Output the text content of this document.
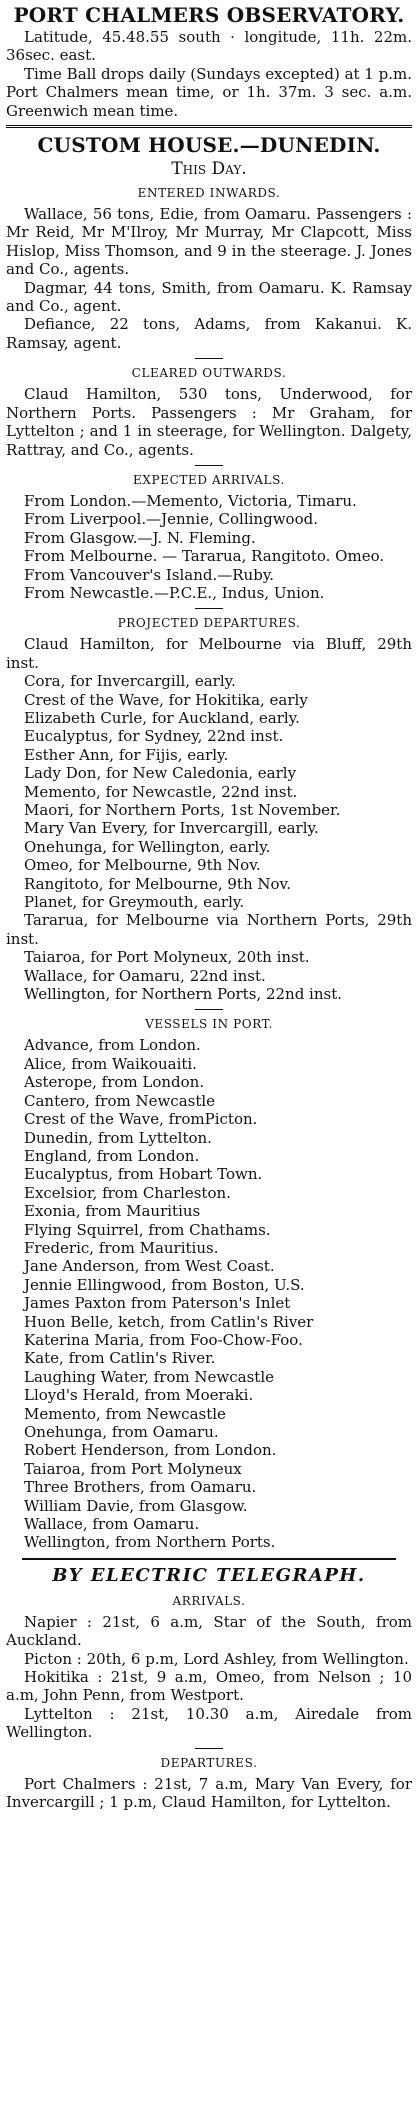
PORT CHALMERS OBSERVATORY.

Latitude, 45.48.55 south · longitude, 11h. 22m. 36sec. east.

Time Ball drops daily (Sundays excepted) at 1 p.m. Port Chalmers mean time, or 1h. 37m. 3 sec. a.m. Greenwich mean time.

CUSTOM HOUSE.—DUNEDIN.
This Day.
ENTERED INWARDS.

Wallace, 56 tons, Edie, from Oamaru. Passengers : Mr Reid, Mr M'Ilroy, Mr Murray, Mr Clapcott, Miss Hislop, Miss Thomson, and 9 in the steerage. J. Jones and Co., agents.

Dagmar, 44 tons, Smith, from Oamaru. K. Ramsay and Co., agent.

Defiance, 22 tons, Adams, from Kakanui. K. Ramsay, agent.

CLEARED OUTWARDS.

Claud Hamilton, 530 tons, Underwood, for Northern Ports. Passengers : Mr Graham, for Lyttelton ; and 1 in steerage, for Wellington. Dalgety, Rattray, and Co., agents.

EXPECTED ARRIVALS.

From London.—Memento, Victoria, Timaru.

From Liverpool.—Jennie, Collingwood.

From Glasgow.—J. N. Fleming.

From Melbourne. — Tararua, Rangitoto. Omeo.

From Vancouver's Island.—Ruby.

From Newcastle.—P.C.E., Indus, Union.

PROJECTED DEPARTURES.

Claud Hamilton, for Melbourne via Bluff, 29th inst.

Cora, for Invercargill, early.

Crest of the Wave, for Hokitika, early

Elizabeth Curle, for Auckland, early.

Eucalyptus, for Sydney, 22nd inst.

Esther Ann, for Fijis, early.

Lady Don, for New Caledonia, early

Memento, for Newcastle, 22nd inst.

Maori, for Northern Ports, 1st November.

Mary Van Every, for Invercargill, early.

Onehunga, for Wellington, early.

Omeo, for Melbourne, 9th Nov.

Rangitoto, for Melbourne, 9th Nov.

Planet, for Greymouth, early.

Tararua, for Melbourne via Northern Ports, 29th inst.

Taiaroa, for Port Molyneux, 20th inst.

Wallace, for Oamaru, 22nd inst.

Wellington, for Northern Ports, 22nd inst.

VESSELS IN PORT.

Advance, from London.

Alice, from Waikouaiti.

Asterope, from London.

Cantero, from Newcastle

Crest of the Wave, fromPicton.

Dunedin, from Lyttelton.

England, from London.

Eucalyptus, from Hobart Town.

Excelsior, from Charleston.

Exonia, from Mauritius

Flying Squirrel, from Chathams.

Frederic, from Mauritius.

Jane Anderson, from West Coast.

Jennie Ellingwood, from Boston, U.S.

James Paxton from Paterson's Inlet

Huon Belle, ketch, from Catlin's River

Katerina Maria, from Foo-Chow-Foo.

Kate, from Catlin's River.

Laughing Water, from Newcastle

Lloyd's Herald, from Moeraki.

Memento, from Newcastle

Onehunga, from Oamaru.

Robert Henderson, from London.

Taiaroa, from Port Molyneux

Three Brothers, from Oamaru.

William Davie, from Glasgow.

Wallace, from Oamaru.

Wellington, from Northern Ports.

BY ELECTRIC TELEGRAPH.
ARRIVALS.

Napier : 21st, 6 a.m, Star of the South, from Auckland.

Picton : 20th, 6 p.m, Lord Ashley, from Wellington.

Hokitika : 21st, 9 a.m, Omeo, from Nelson ; 10 a.m, John Penn, from Westport.

Lyttelton : 21st, 10.30 a.m, Airedale from Wellington.

DEPARTURES.

Port Chalmers : 21st, 7 a.m, Mary Van Every, for Invercargill ; 1 p.m, Claud Hamilton, for Lyttelton.
